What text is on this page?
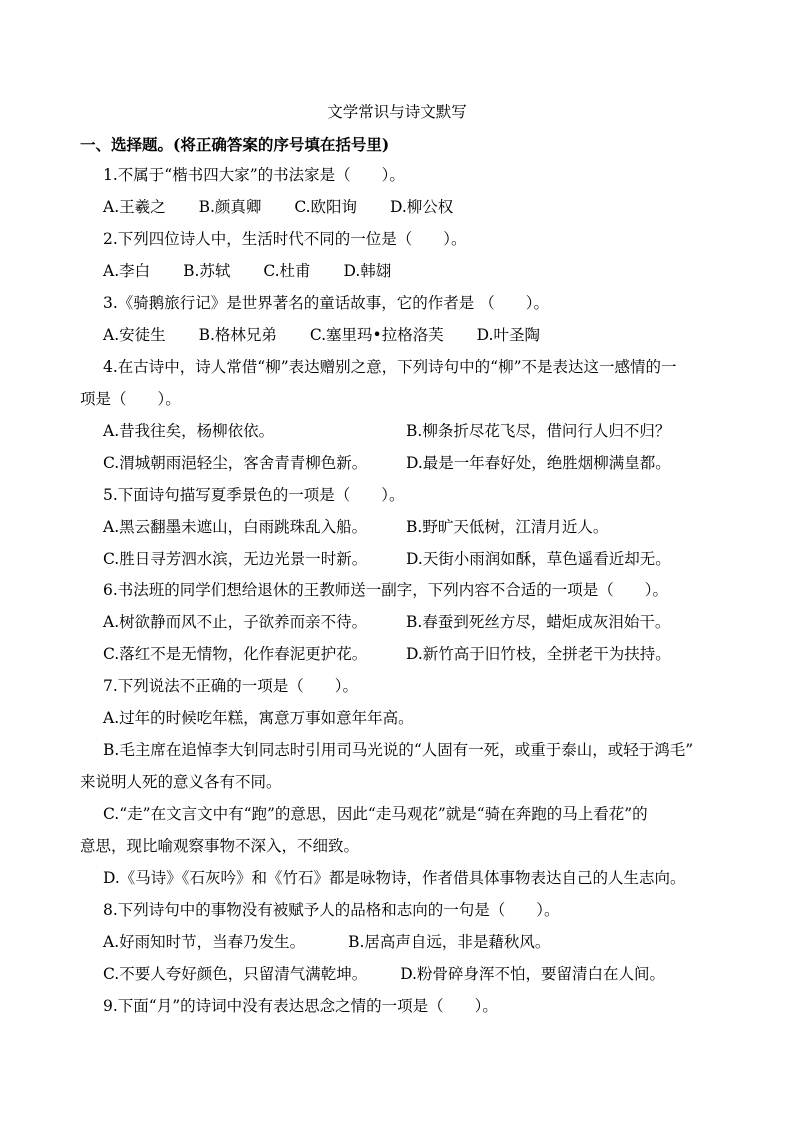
文学常识与诗文默写
一、选择题。(将正确答案的序号填在括号里)
1.不属于“楷书四大家”的书法家是（　　）。
A.王羲之 B.颜真卿 C.欧阳询 D.柳公权
2.下列四位诗人中，生活时代不同的一位是（　　）。
A.李白 B.苏轼 C.杜甫 D.韩翃
3.《骑鹅旅行记》是世界著名的童话故事，它的作者是 （　　）。
A.安徒生 B.格林兄弟 C.塞里玛•拉格洛芙 D.叶圣陶
4.在古诗中，诗人常借“柳”表达赠别之意，下列诗句中的“柳”不是表达这一感情的一
项是（　　）。
A.昔我往矣，杨柳依依。	B.柳条折尽花飞尽，借问行人归不归？
C.渭城朝雨浥轻尘，客舍青青柳色新。	D.最是一年春好处，绝胜烟柳满皇都。
5.下面诗句描写夏季景色的一项是（　　）。
A.黑云翻墨未遮山，白雨跳珠乱入船。	B.野旷天低树，江清月近人。
C.胜日寻芳泗水滨，无边光景一时新。	D.天街小雨润如酥，草色遥看近却无。
6.书法班的同学们想给退休的王教师送一副字，下列内容不合适的一项是（　　）。
A.树欲静而风不止，子欲养而亲不待。	B.春蚕到死丝方尽，蜡炬成灰泪始干。
C.落红不是无情物，化作春泥更护花。	D.新竹高于旧竹枝，全拼老干为扶持。
7.下列说法不正确的一项是（　　）。
A.过年的时候吃年糕，寓意万事如意年年高。
B.毛主席在追悼李大钊同志时引用司马光说的“人固有一死，或重于泰山，或轻于鸿毛”
来说明人死的意义各有不同。
C.“走”在文言文中有“跑”的意思，因此“走马观花”就是“骑在奔跑的马上看花”的
意思，现比喻观察事物不深入，不细致。
D.《马诗》《石灰吟》和《竹石》都是咏物诗，作者借具体事物表达自己的人生志向。
8.下列诗句中的事物没有被赋予人的品格和志向的一句是（　　）。
A.好雨知时节，当春乃发生。	B.居高声自远，非是藉秋风。
C.不要人夸好颜色，只留清气满乾坤。 D.粉骨碎身浑不怕，要留清白在人间。
9.下面“月”的诗词中没有表达思念之情的一项是（　　）。
